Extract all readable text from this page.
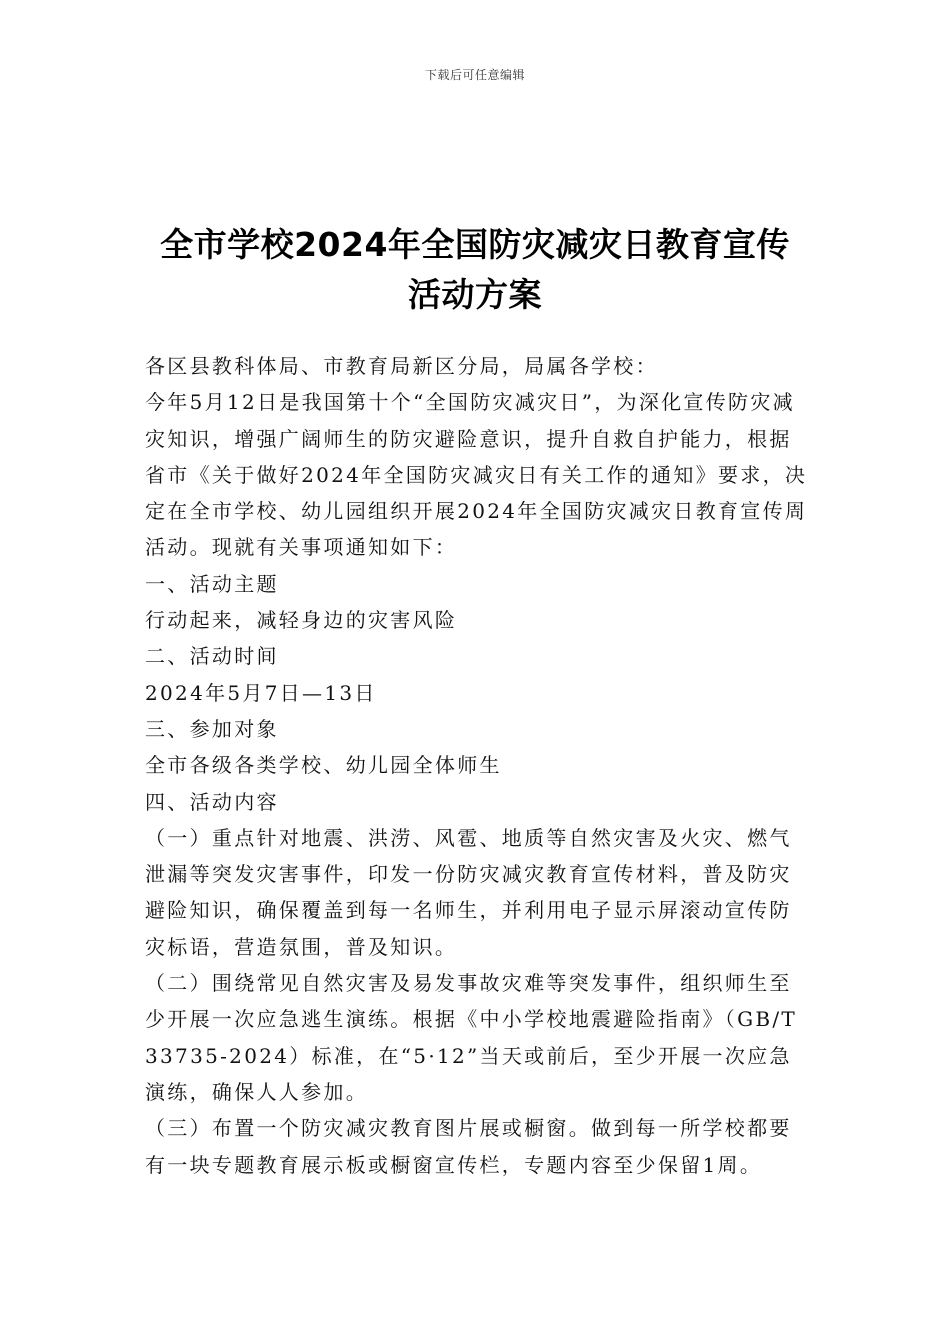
下载后可任意编辑
全市学校2024年全国防灾减灾日教育宣传
活动方案

各区县教科体局、市教育局新区分局，局属各学校：

今年5月12日是我国第十个“全国防灾减灾日”，为深化宣传防灾减灾知识，增强广阔师生的防灾避险意识，提升自救自护能力，根据省市《关于做好2024年全国防灾减灾日有关工作的通知》要求，决定在全市学校、幼儿园组织开展2024年全国防灾减灾日教育宣传周活动。现就有关事项通知如下：

一、活动主题

行动起来，减轻身边的灾害风险

二、活动时间

2024年5月7日—13日

三、参加对象

全市各级各类学校、幼儿园全体师生

四、活动内容

（一）重点针对地震、洪涝、风雹、地质等自然灾害及火灾、燃气泄漏等突发灾害事件，印发一份防灾减灾教育宣传材料，普及防灾避险知识，确保覆盖到每一名师生，并利用电子显示屏滚动宣传防灾标语，营造氛围，普及知识。

（二）围绕常见自然灾害及易发事故灾难等突发事件，组织师生至少开展一次应急逃生演练。根据《中小学校地震避险指南》（GB/T 33735-2024）标准，在“5·12”当天或前后，至少开展一次应急演练，确保人人参加。

（三）布置一个防灾减灾教育图片展或橱窗。做到每一所学校都要有一块专题教育展示板或橱窗宣传栏，专题内容至少保留1周。
